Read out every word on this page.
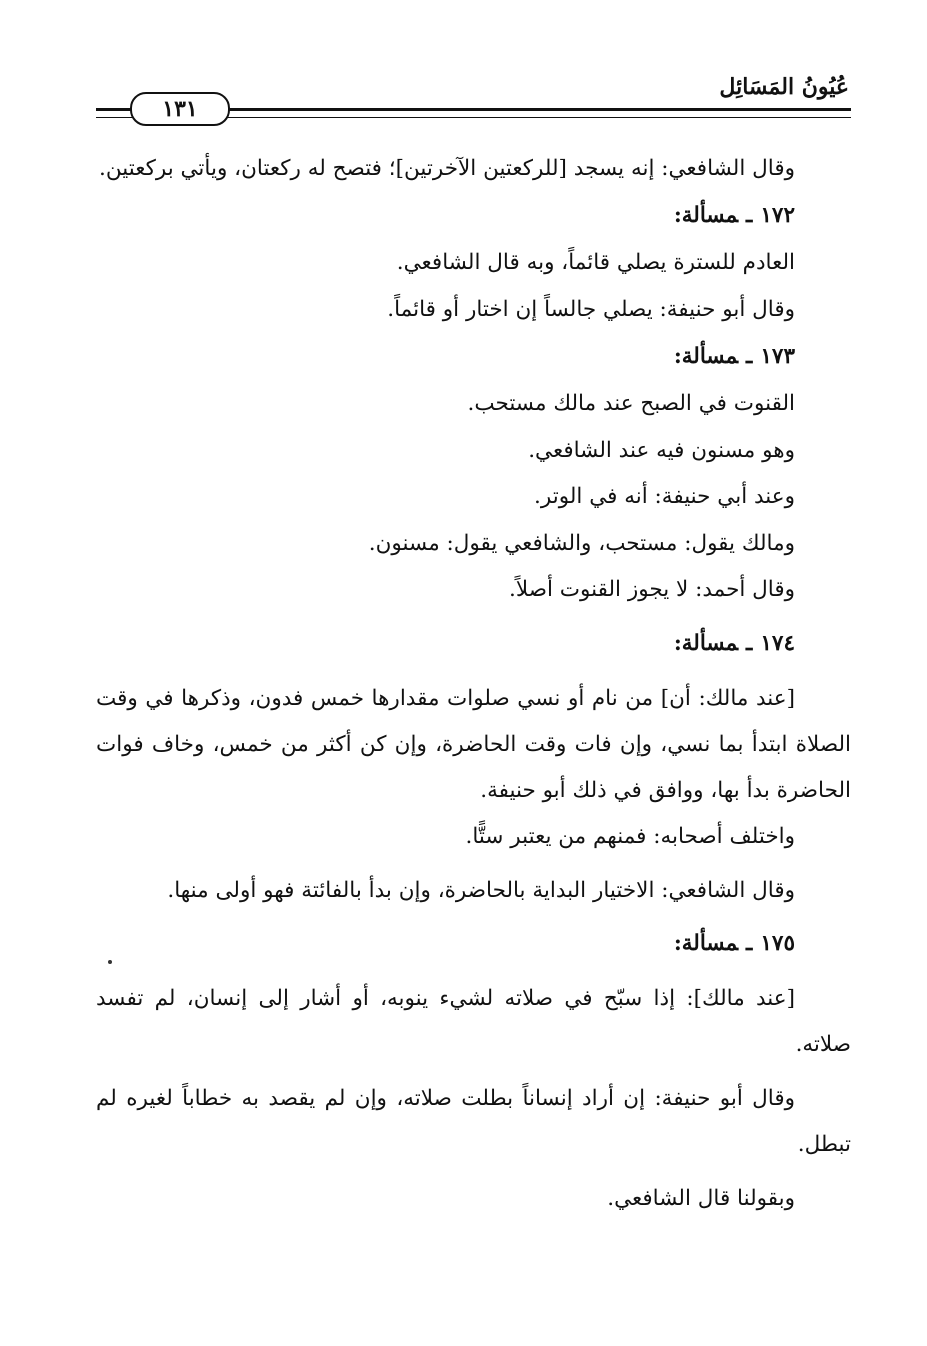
عُيُونُ المَسَائِل
١٣١

وقال الشافعي: إنه يسجد [للركعتين الآخرتين]؛ فتصح له ركعتان، ويأتي بركعتين.

١٧٢ـمسألة:

العادم للسترة يصلي قائماً، وبه قال الشافعي.

وقال أبو حنيفة: يصلي جالساً إن اختار أو قائماً.

١٧٣ـمسألة:

القنوت في الصبح عند مالك مستحب.

وهو مسنون فيه عند الشافعي.

وعند أبي حنيفة: أنه في الوتر.

ومالك يقول: مستحب، والشافعي يقول: مسنون.

وقال أحمد: لا يجوز القنوت أصلاً.

١٧٤ـمسألة:

[عند مالك: أن] من نام أو نسي صلوات مقدارها خمس فدون، وذكرها في وقت الصلاة ابتدأ بما نسي، وإن فات وقت الحاضرة، وإن كن أكثر من خمس، وخاف فوات الحاضرة بدأ بها، ووافق في ذلك أبو حنيفة.

واختلف أصحابه: فمنهم من يعتبر ستًّا.

وقال الشافعي: الاختيار البداية بالحاضرة، وإن بدأ بالفائتة فهو أولى منها.

١٧٥ـمسألة:

[عند مالك]: إذا سبّح في صلاته لشيء ينوبه، أو أشار إلى إنسان، لم تفسد صلاته.

وقال أبو حنيفة: إن أراد إنساناً بطلت صلاته، وإن لم يقصد به خطاباً لغيره لم تبطل.

وبقولنا قال الشافعي.
